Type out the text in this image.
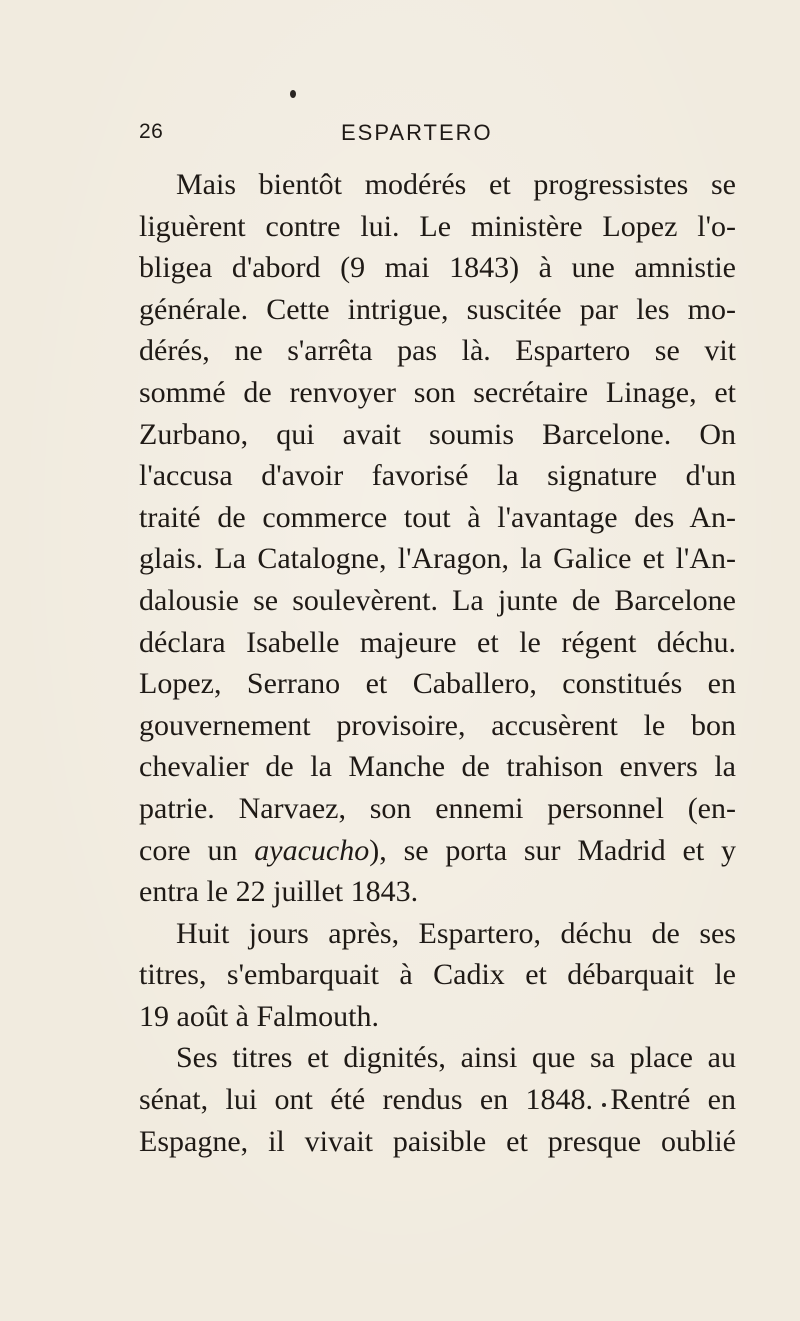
26	ESPARTERO
Mais bientôt modérés et progressistes se
liguèrent contre lui. Le ministère Lopez l'o-
bligea d'abord (9 mai 1843) à une amnistie
générale. Cette intrigue, suscitée par les mo-
dérés, ne s'arrêta pas là. Espartero se vit
sommé de renvoyer son secrétaire Linage, et
Zurbano, qui avait soumis Barcelone. On
l'accusa d'avoir favorisé la signature d'un
traité de commerce tout à l'avantage des An-
glais. La Catalogne, l'Aragon, la Galice et l'An-
dalousie se soulevèrent. La junte de Barcelone
déclara Isabelle majeure et le régent déchu.
Lopez, Serrano et Caballero, constitués en
gouvernement provisoire, accusèrent le bon
chevalier de la Manche de trahison envers la
patrie. Narvaez, son ennemi personnel (en-
core un ayacucho), se porta sur Madrid et y
entra le 22 juillet 1843.
Huit jours après, Espartero, déchu de ses
titres, s'embarquait à Cadix et débarquait le
19 août à Falmouth.
Ses titres et dignités, ainsi que sa place au
sénat, lui ont été rendus en 1848. Rentré en
Espagne, il vivait paisible et presque oublié
